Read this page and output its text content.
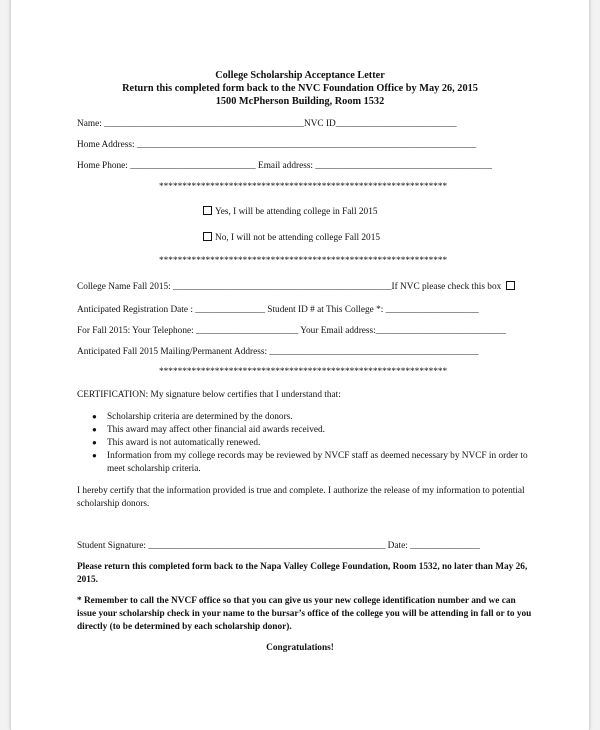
College Scholarship Acceptance Letter
Return this completed form back to the NVC Foundation Office by May 26, 2015
1500 McPherson Building, Room 1532
Name: ___________________________________________NVC ID__________________________
Home Address: _________________________________________________________________________
Home Phone: ___________________________ Email address: ______________________________________
**************************************************************
Yes, I will be attending college in Fall 2015
No, I will not be attending college Fall 2015
**************************************************************
College Name Fall 2015: _______________________________________________If NVC please check this box
Anticipated Registration Date : _______________ Student ID # at This College *: ____________________
For Fall 2015: Your Telephone: ______________________ Your Email address:____________________________
Anticipated Fall 2015 Mailing/Permanent Address: _____________________________________________
**************************************************************
CERTIFICATION: My signature below certifies that I understand that:
● Scholarship criteria are determined by the donors.
● This award may affect other financial aid awards received.
● This award is not automatically renewed.
● Information from my college records may be reviewed by NVCF staff as deemed necessary by NVCF in order to meet scholarship criteria.
I hereby certify that the information provided is true and complete. I authorize the release of my information to potential scholarship donors.
Student Signature: ___________________________________________________ Date: _______________
Please return this completed form back to the Napa Valley College Foundation, Room 1532, no later than May 26, 2015.
* Remember to call the NVCF office so that you can give us your new college identification number and we can issue your scholarship check in your name to the bursar’s office of the college you will be attending in fall or to you directly (to be determined by each scholarship donor).
Congratulations!
